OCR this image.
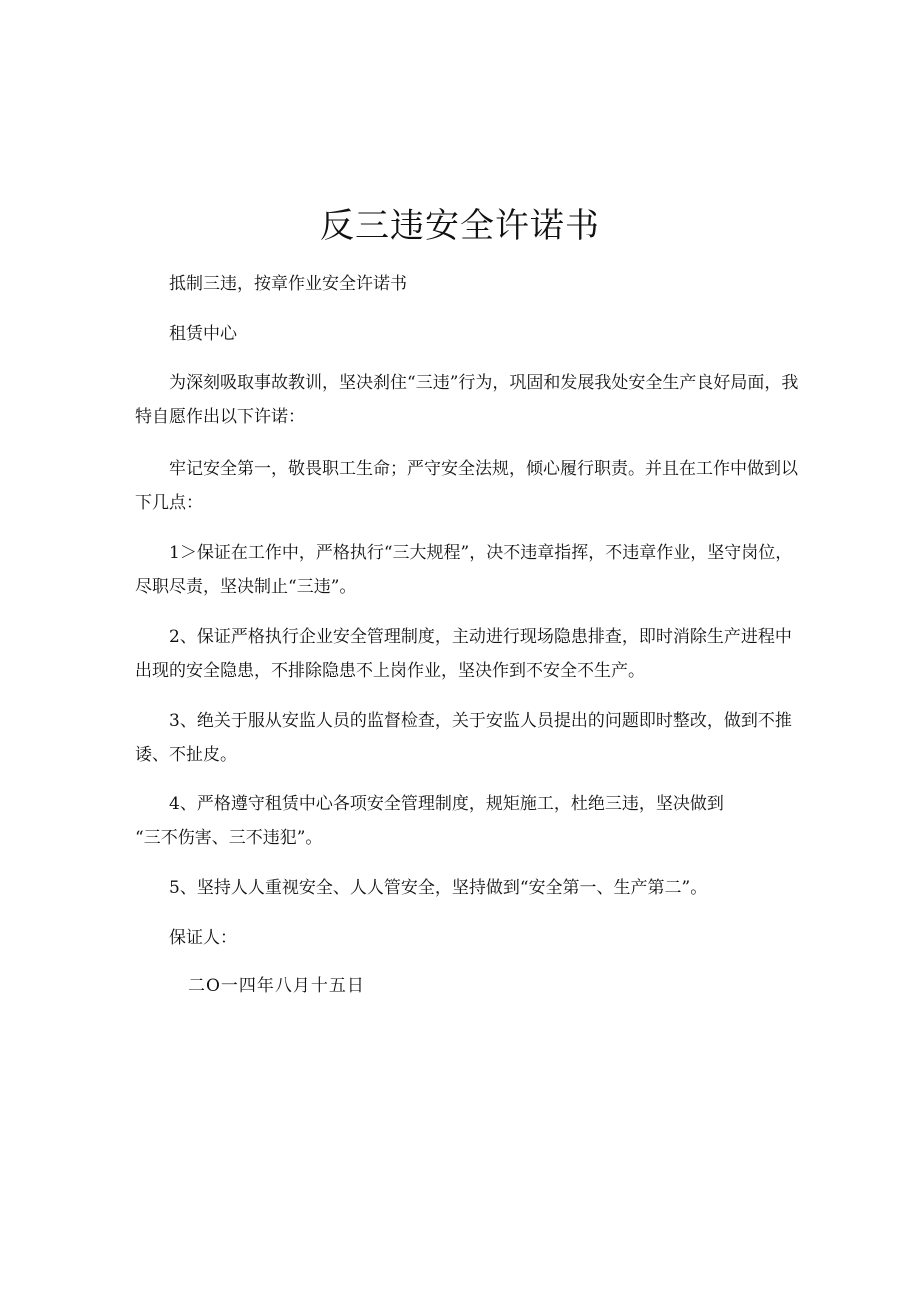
反三违安全许诺书

抵制三违，按章作业安全许诺书

租赁中心

为深刻吸取事故教训，坚决刹住“三违”行为，巩固和发展我处安全生产良好局面，我特自愿作出以下许诺：

牢记安全第一，敬畏职工生命；严守安全法规，倾心履行职责。并且在工作中做到以下几点：

1＞保证在工作中，严格执行“三大规程”，决不违章指挥，不违章作业，坚守岗位，尽职尽责，坚决制止“三违”。

2、保证严格执行企业安全管理制度，主动进行现场隐患排查，即时消除生产进程中出现的安全隐患，不排除隐患不上岗作业，坚决作到不安全不生产。

3、绝关于服从安监人员的监督检查，关于安监人员提出的问题即时整改，做到不推诿、不扯皮。

4、严格遵守租赁中心各项安全管理制度，规矩施工，杜绝三违，坚决做到

“三不伤害、三不违犯”。

5、坚持人人重视安全、人人管安全，坚持做到“安全第一、生产第二”。

保证人：

二O一四年八月十五日
